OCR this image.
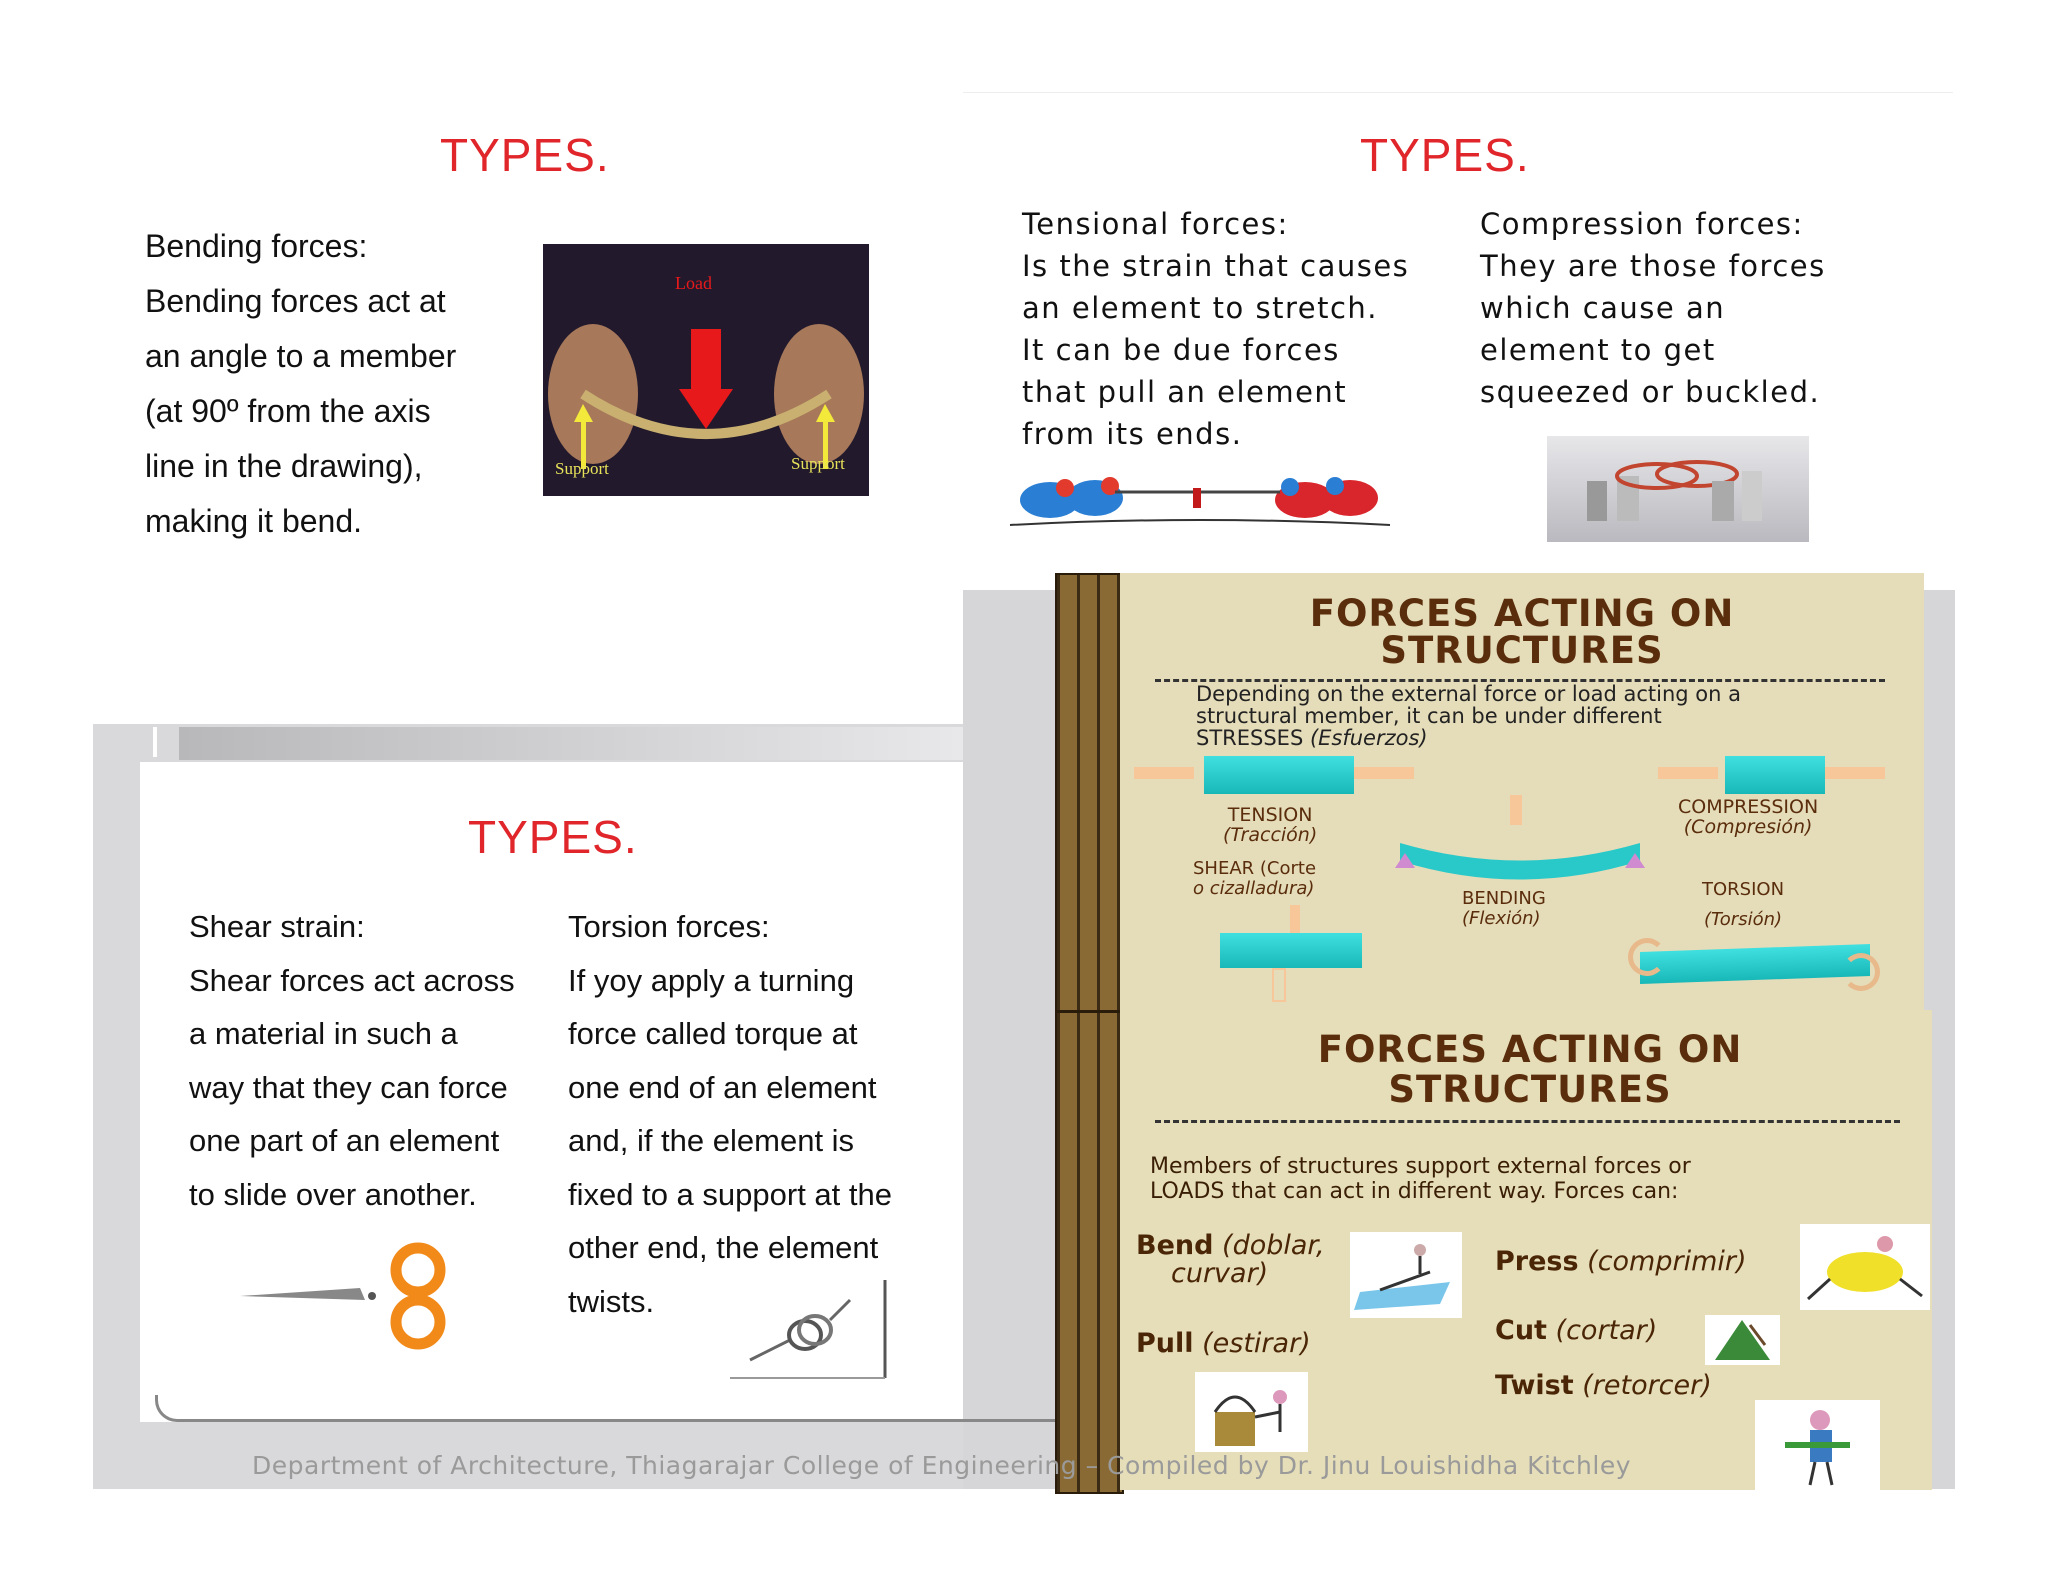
TYPES.
Bending forces:
Bending forces act at
an angle to a member
(at 90º from the axis
line in the drawing),
making it bend.
Load
Support	Support
TYPES.
Tensional forces:
Is the strain that causes
an element to stretch.
It can be due forces
that pull an element
from its ends.
Compression forces:
They are those forces
which cause an
element to get
squeezed or buckled.
TYPES.
Shear strain:
Shear forces act across
a material in such a
way that they can force
one part of an element
to slide over another.
Torsion forces:
If yoy apply a turning
force called torque at
one end of an element
and, if the element is
fixed to a support at the
other end, the element
twists.
FORCES ACTING ON
STRUCTURES
Depending on the external force or load acting on a
structural member, it can be under different
STRESSES (Esfuerzos)
TENSION
(Tracción)
COMPRESSION
(Compresión)
BENDING
(Flexión)
SHEAR (Corte
o cizalladura)	TORSION
(Torsión)
FORCES ACTING ON
STRUCTURES
Members of structures support external forces or
LOADS that can act in different way. Forces can:
Bend (doblar,
curvar)	Press (comprimir)
Pull (estirar)	Cut (cortar)
Twist (retorcer)
Department of Architecture, Thiagarajar College of Engineering – Compiled by Dr. Jinu Louishidha Kitchley
